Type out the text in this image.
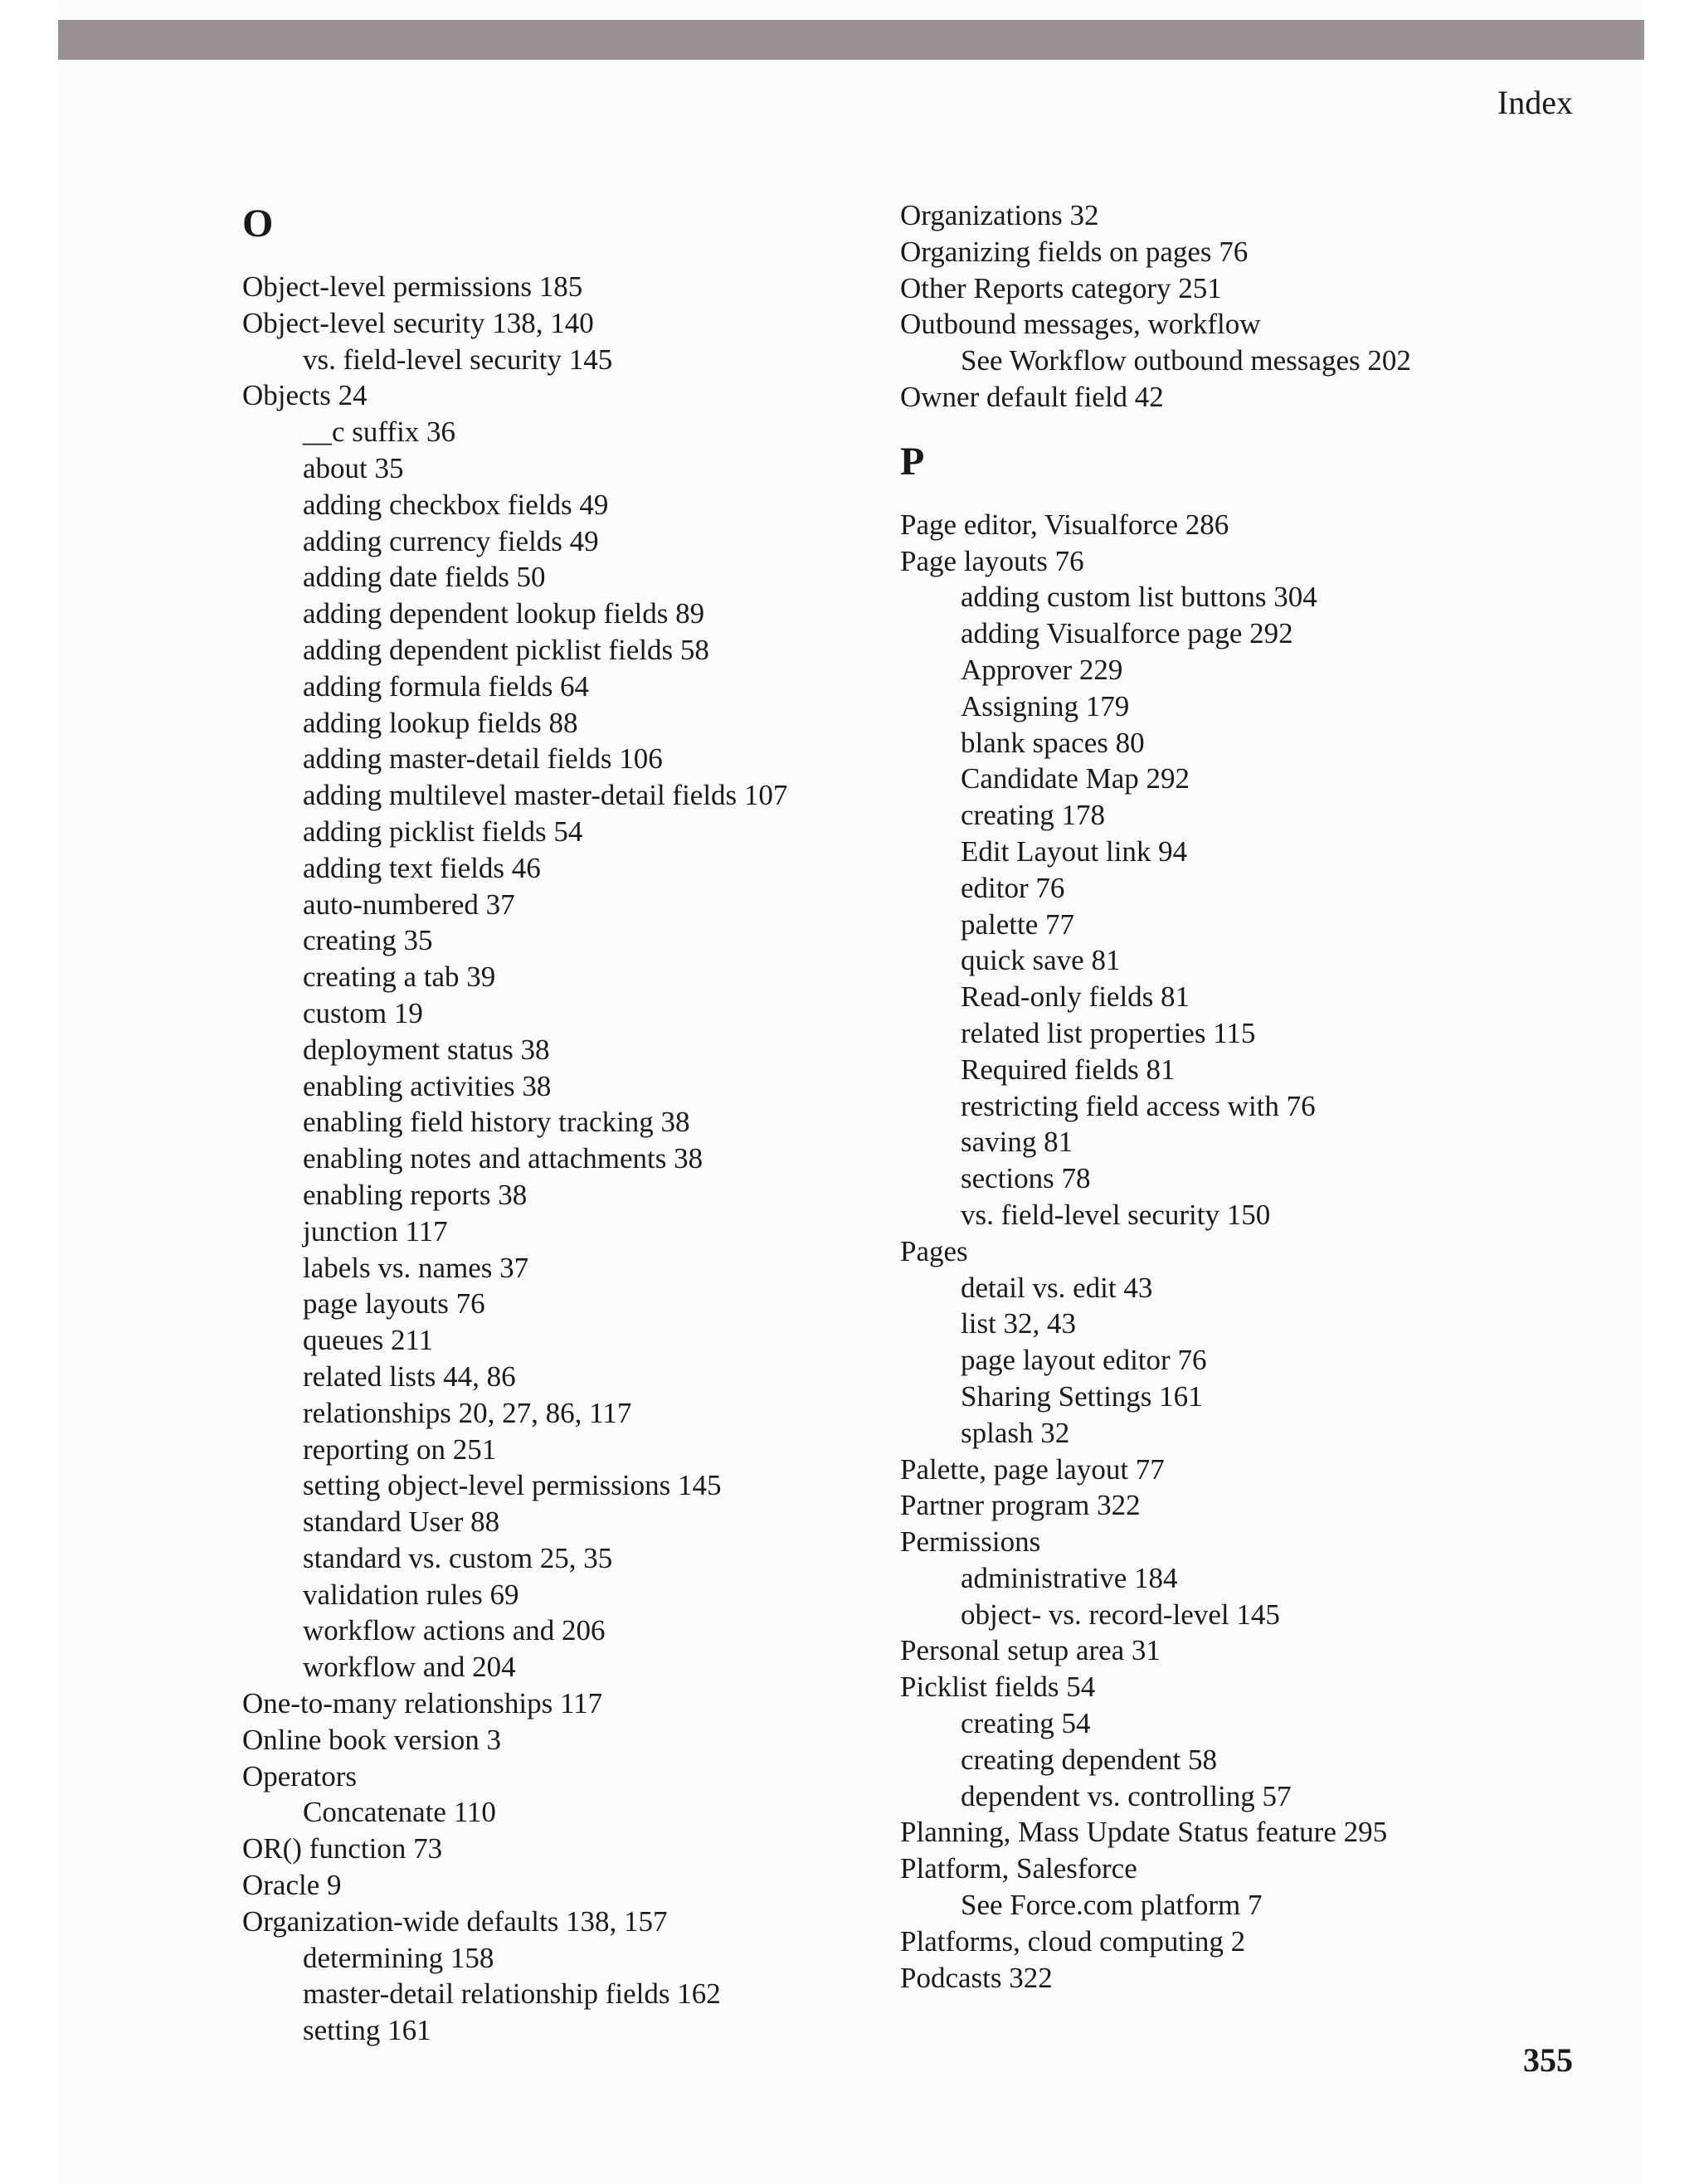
Index
O
Object-level permissions 185
Object-level security 138, 140
vs. field-level security 145
Objects 24
__c suffix 36
about 35
adding checkbox fields 49
adding currency fields 49
adding date fields 50
adding dependent lookup fields 89
adding dependent picklist fields 58
adding formula fields 64
adding lookup fields 88
adding master-detail fields 106
adding multilevel master-detail fields 107
adding picklist fields 54
adding text fields 46
auto-numbered 37
creating 35
creating a tab 39
custom 19
deployment status 38
enabling activities 38
enabling field history tracking 38
enabling notes and attachments 38
enabling reports 38
junction 117
labels vs. names 37
page layouts 76
queues 211
related lists 44, 86
relationships 20, 27, 86, 117
reporting on 251
setting object-level permissions 145
standard User 88
standard vs. custom 25, 35
validation rules 69
workflow actions and 206
workflow and 204
One-to-many relationships 117
Online book version 3
Operators
Concatenate 110
OR() function 73
Oracle 9
Organization-wide defaults 138, 157
determining 158
master-detail relationship fields 162
setting 161
Organizations 32
Organizing fields on pages 76
Other Reports category 251
Outbound messages, workflow
See Workflow outbound messages 202
Owner default field 42
P
Page editor, Visualforce 286
Page layouts 76
adding custom list buttons 304
adding Visualforce page 292
Approver 229
Assigning 179
blank spaces 80
Candidate Map 292
creating 178
Edit Layout link 94
editor 76
palette 77
quick save 81
Read-only fields 81
related list properties 115
Required fields 81
restricting field access with 76
saving 81
sections 78
vs. field-level security 150
Pages
detail vs. edit 43
list 32, 43
page layout editor 76
Sharing Settings 161
splash 32
Palette, page layout 77
Partner program 322
Permissions
administrative 184
object- vs. record-level 145
Personal setup area 31
Picklist fields 54
creating 54
creating dependent 58
dependent vs. controlling 57
Planning, Mass Update Status feature 295
Platform, Salesforce
See Force.com platform 7
Platforms, cloud computing 2
Podcasts 322
355
